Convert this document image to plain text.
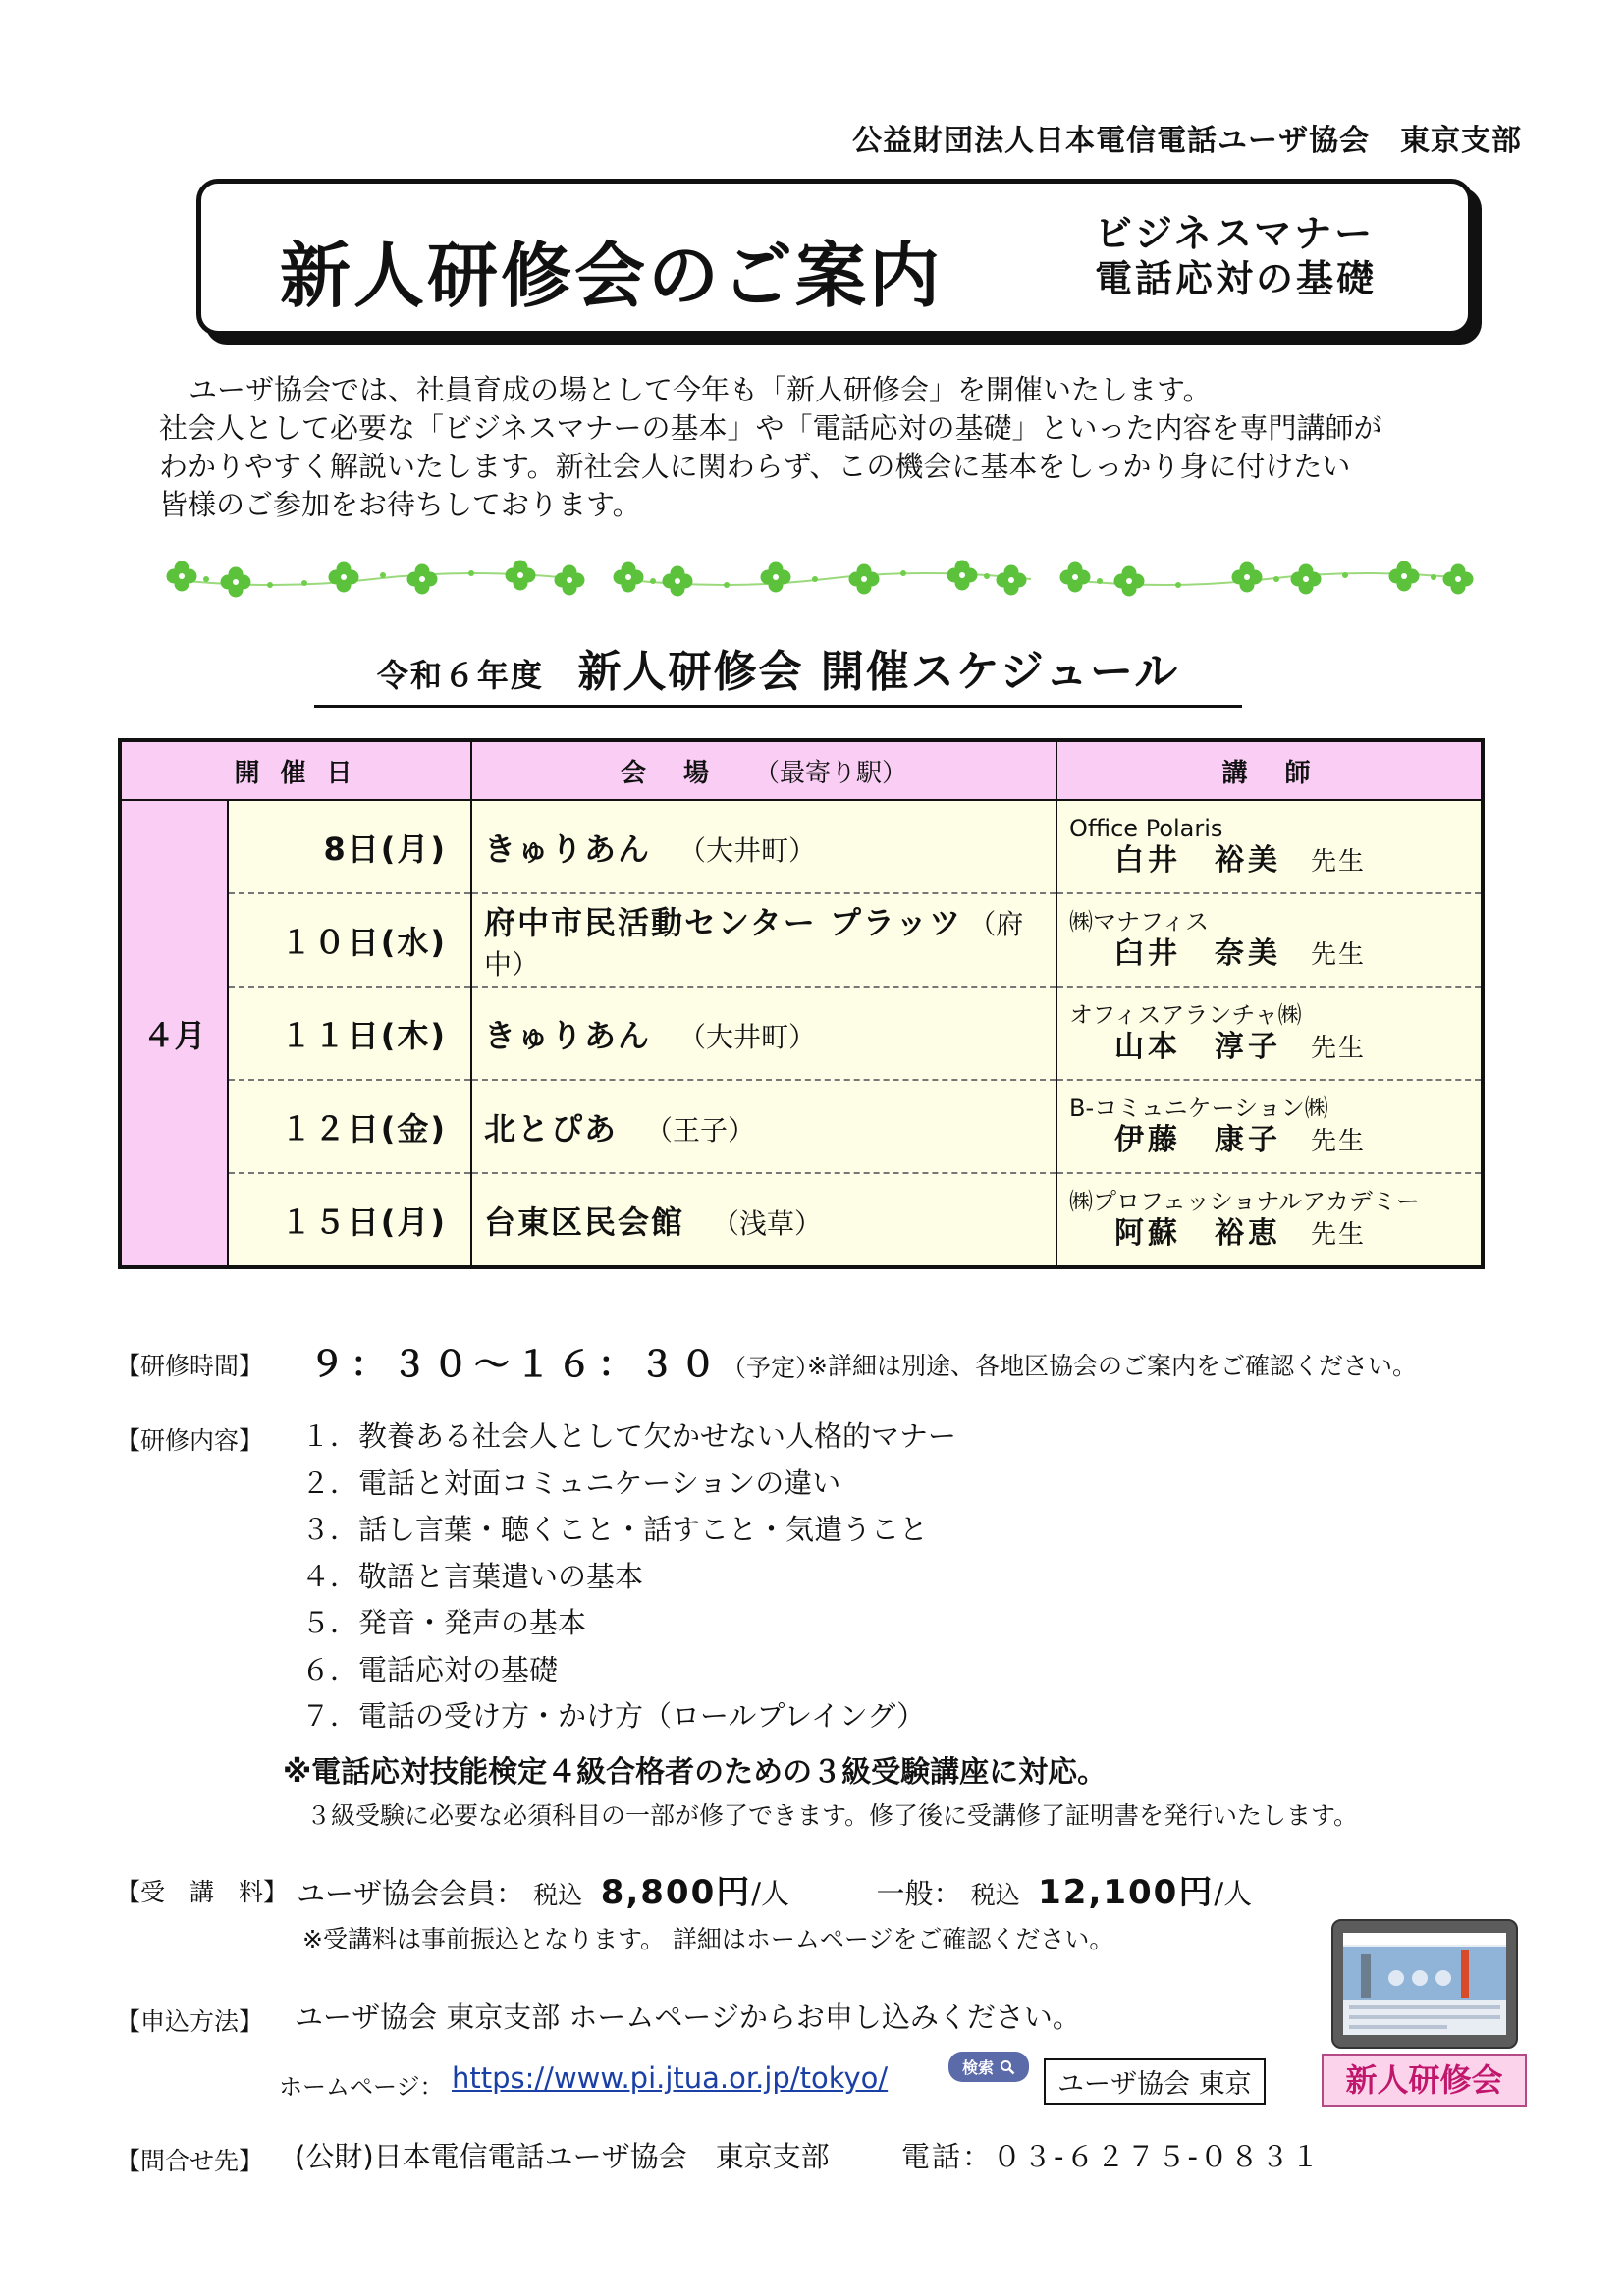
公益財団法人日本電信電話ユーザ協会　東京支部
新人研修会のご案内
ビジネスマナー
電話応対の基礎
ユーザ協会では、社員育成の場として今年も「新人研修会」を開催いたします。
社会人として必要な「ビジネスマナーの基本」や「電話応対の基礎」といった内容を専門講師が
わかりやすく解説いたします。新社会人に関わらず、この機会に基本をしっかり身に付けたい
皆様のご参加をお待ちしております。
令和６年度 新人研修会 開催スケジュール
開 催 日		会　場 （最寄り駅）	講　師
４月	8日(月)	きゅりあん （大井町）	Office Polaris
白井　裕美 先生

	１０日(水)	府中市民活動センター プラッツ （府中）	㈱マナフィス
臼井　奈美 先生

	１１日(木)	きゅりあん （大井町）	オフィスアランチャ㈱
山本　淳子 先生

	１２日(金)	北とぴあ （王子）	B-コミュニケーション㈱
伊藤　康子 先生

	１５日(月)	台東区民会館 （浅草）	㈱プロフェッショナルアカデミー
阿蘇　裕恵 先生
【研修時間】 ９：３０～１６：３０（予定）
※詳細は別途、各地区協会のご案内をご確認ください。
【研修内容】 １．教養ある社会人として欠かせない人格的マナー
２．電話と対面コミュニケーションの違い
３．話し言葉・聴くこと・話すこと・気遣うこと
４．敬語と言葉遣いの基本
５．発音・発声の基本
６．電話応対の基礎
７．電話の受け方・かけ方（ロールプレイング）
※電話応対技能検定４級合格者のための３級受験講座に対応。
３級受験に必要な必須科目の一部が修了できます。修了後に受講修了証明書を発行いたします。
【受　講　料】 ユーザ協会会員： 税込 8,800円/人	一般： 税込 12,100円/人
※受講料は事前振込となります。 詳細はホームページをご確認ください。
【申込方法】 ユーザ協会 東京支部 ホームページからお申し込みください。
ホームページ： https://www.pi.jtua.or.jp/tokyo/	検索
ユーザ協会 東京	新人研修会
【問合せ先】 (公財)日本電信電話ユーザ協会　東京支部	電話：０３-６２７５-０８３１
